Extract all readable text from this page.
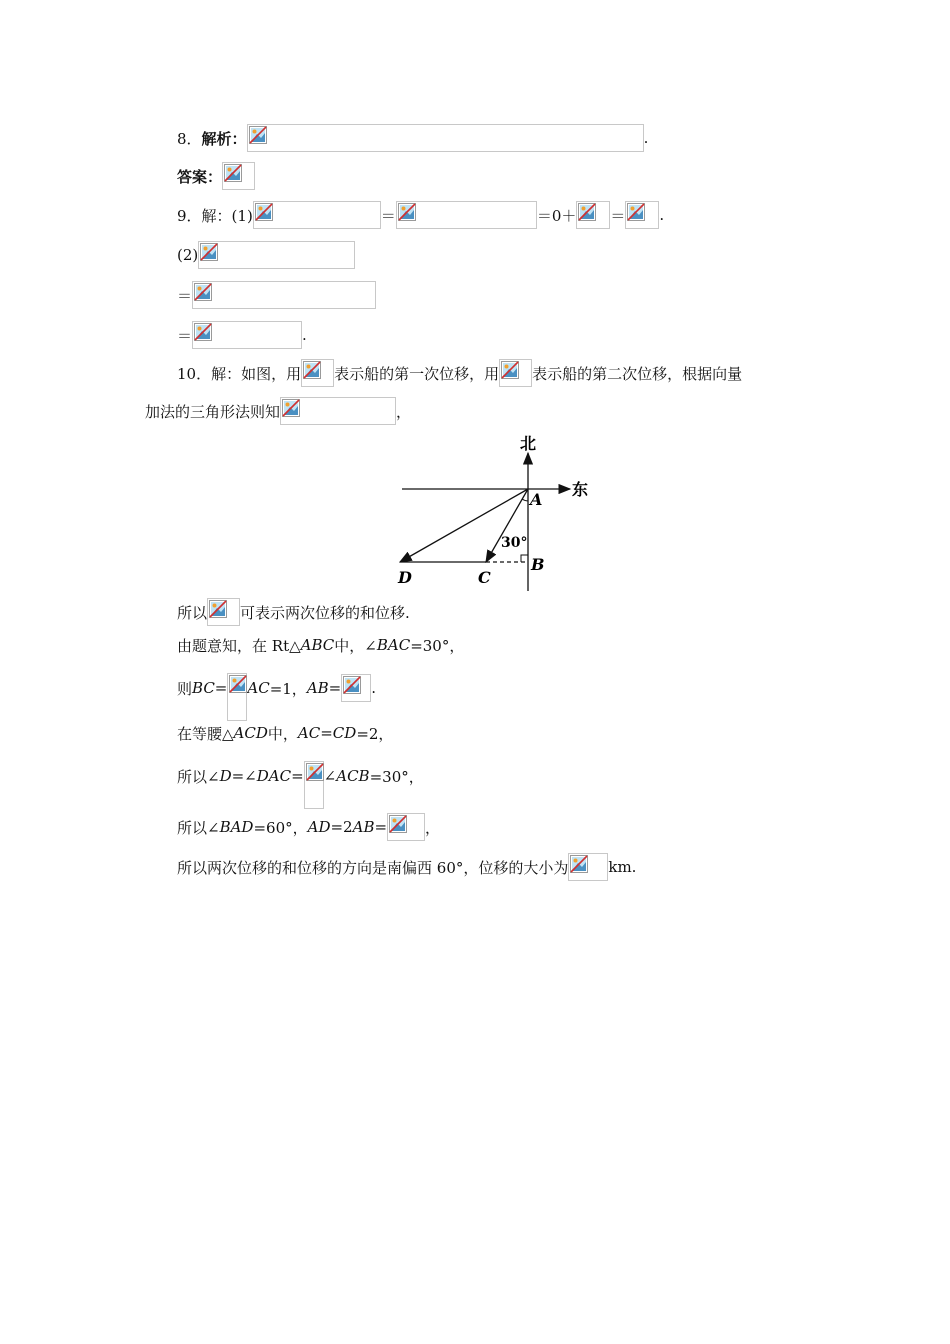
8． 解析：	.
答案：
9．解：(1)	＝	＝0＋ ＝ .
(2)
＝
＝	.
10．解：如图，用 表示船的第一次位移，用 表示船的第二次位移，根据向量
加法的三角形法则知	，
北
东
A
B
C
D
30°
所以 可表示两次位移的和位移.
由题意知，在 Rt△ ABC 中，∠ BAC =30°，
则 BC = AC =1， AB = .
在等腰△ ACD 中， AC = CD =2，
所以∠ D =∠ DAC = ∠ ACB =30°，
所以∠ BAD =60°， AD =2 AB =	，
所以两次位移的和位移的方向是南偏西 60°，位移的大小为	km.
